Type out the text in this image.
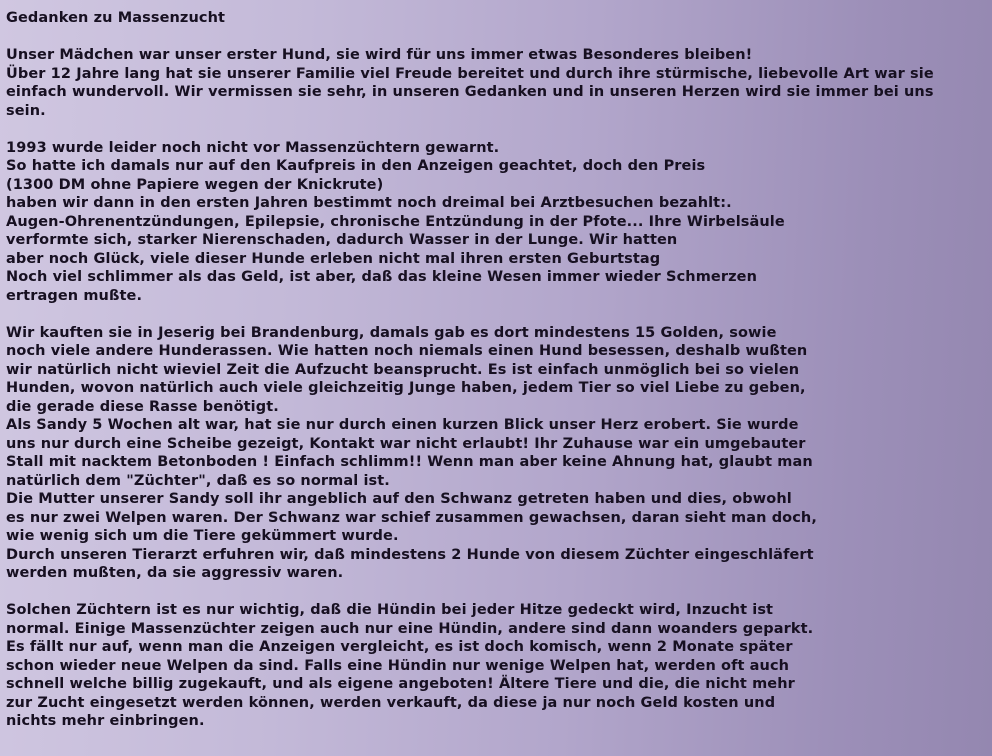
Gedanken zu Massenzucht

Unser Mädchen war unser erster Hund, sie wird für uns immer etwas Besonderes bleiben!
Über 12 Jahre lang hat sie unserer Familie viel Freude bereitet und durch ihre stürmische, liebevolle Art war sie
einfach wundervoll. Wir vermissen sie sehr, in unseren Gedanken und in unseren Herzen wird sie immer bei uns
sein.

1993 wurde leider noch nicht vor Massenzüchtern gewarnt.
So hatte ich damals nur auf den Kaufpreis in den Anzeigen geachtet, doch den Preis
(1300 DM ohne Papiere wegen der Knickrute)
haben wir dann in den ersten Jahren bestimmt noch dreimal bei Arztbesuchen bezahlt:.
Augen-Ohrenentzündungen, Epilepsie, chronische Entzündung in der Pfote... Ihre Wirbelsäule
verformte sich, starker Nierenschaden, dadurch Wasser in der Lunge. Wir hatten
aber noch Glück, viele dieser Hunde erleben nicht mal ihren ersten Geburtstag
Noch viel schlimmer als das Geld, ist aber, daß das kleine Wesen immer wieder Schmerzen
ertragen mußte.

Wir kauften sie in Jeserig bei Brandenburg, damals gab es dort mindestens 15 Golden, sowie
noch viele andere Hunderassen. Wie hatten noch niemals einen Hund besessen, deshalb wußten
wir natürlich nicht wieviel Zeit die Aufzucht beansprucht. Es ist einfach unmöglich bei so vielen
Hunden, wovon natürlich auch viele gleichzeitig Junge haben, jedem Tier so viel Liebe zu geben,
die gerade diese Rasse benötigt.
Als Sandy 5 Wochen alt war, hat sie nur durch einen kurzen Blick unser Herz erobert. Sie wurde
uns nur durch eine Scheibe gezeigt, Kontakt war nicht erlaubt! Ihr Zuhause war ein umgebauter
Stall mit nacktem Betonboden ! Einfach schlimm!! Wenn man aber keine Ahnung hat, glaubt man
natürlich dem "Züchter", daß es so normal ist.
Die Mutter unserer Sandy soll ihr angeblich auf den Schwanz getreten haben und dies, obwohl
es nur zwei Welpen waren. Der Schwanz war schief zusammen gewachsen, daran sieht man doch,
wie wenig sich um die Tiere gekümmert wurde.
Durch unseren Tierarzt erfuhren wir, daß mindestens 2 Hunde von diesem Züchter eingeschläfert
werden mußten, da sie aggressiv waren.

Solchen Züchtern ist es nur wichtig, daß die Hündin bei jeder Hitze gedeckt wird, Inzucht ist
normal. Einige Massenzüchter zeigen auch nur eine Hündin, andere sind dann woanders geparkt.
Es fällt nur auf, wenn man die Anzeigen vergleicht, es ist doch komisch, wenn 2 Monate später
schon wieder neue Welpen da sind. Falls eine Hündin nur wenige Welpen hat, werden oft auch
schnell welche billig zugekauft, und als eigene angeboten! Ältere Tiere und die, die nicht mehr
zur Zucht eingesetzt werden können, werden verkauft, da diese ja nur noch Geld kosten und
nichts mehr einbringen.
